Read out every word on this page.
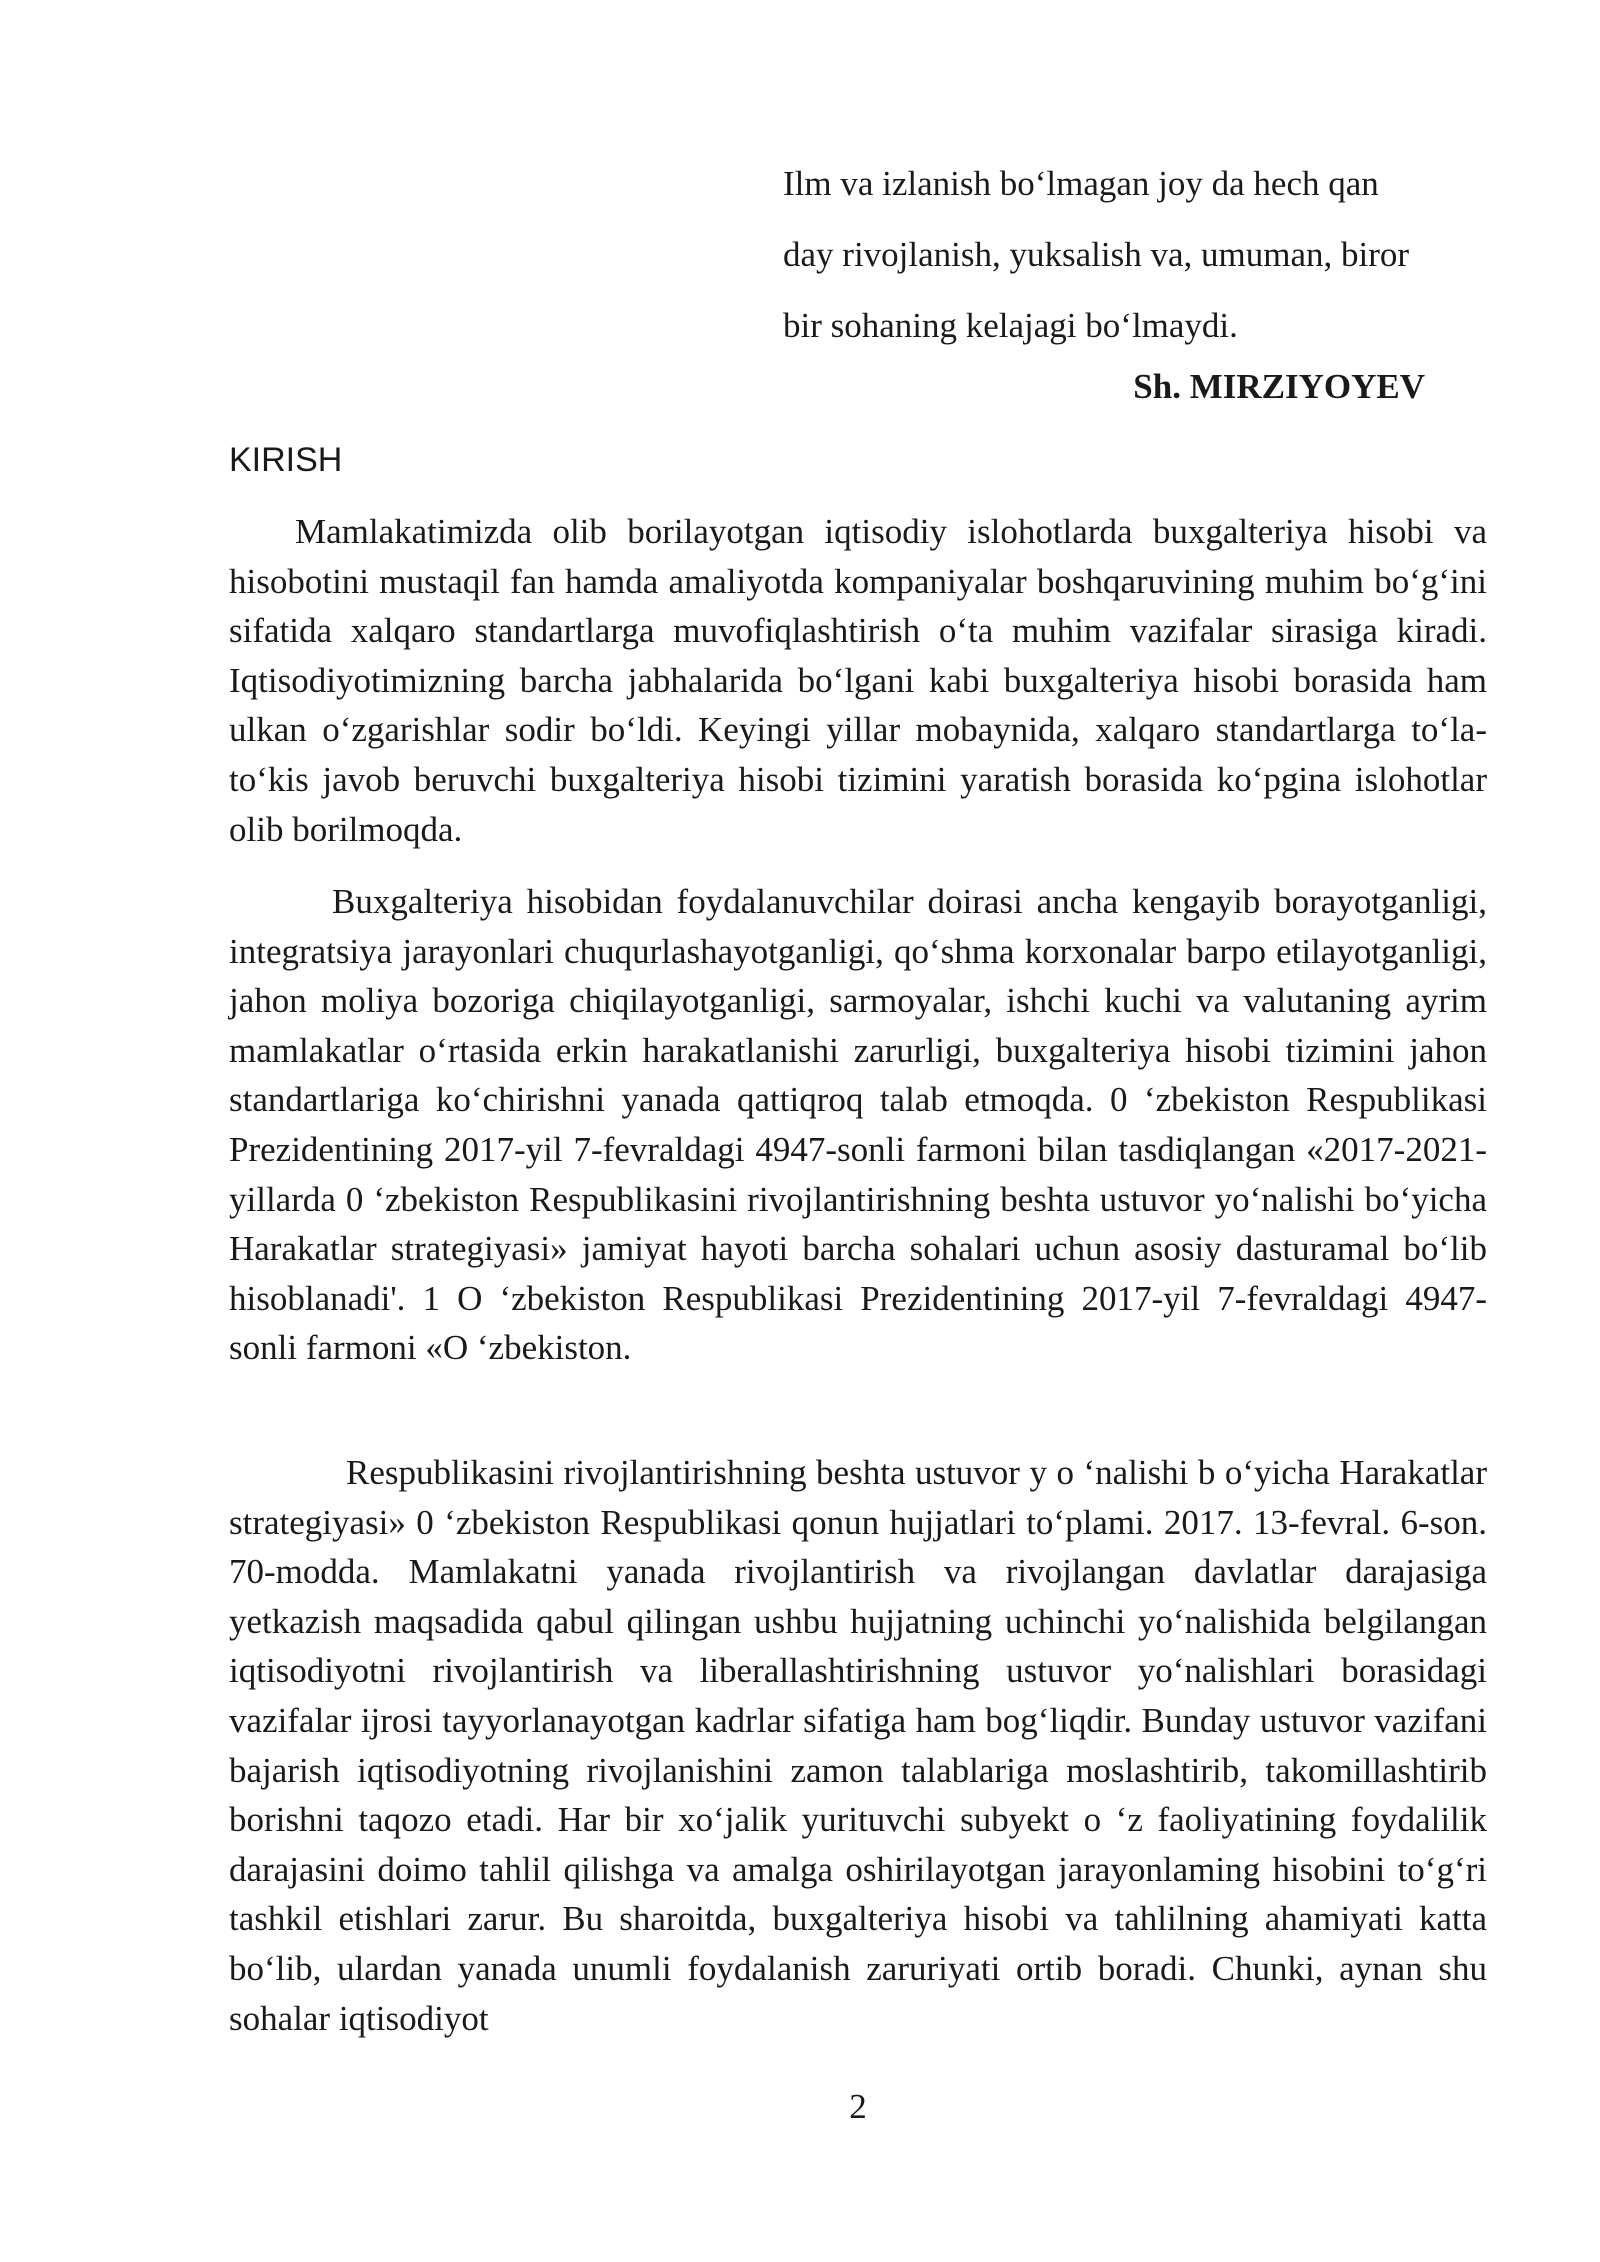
Ilm va izlanish bo‘lmagan joy da hech qan
day rivojlanish, yuksalish va, umuman, biror
bir sohaning kelajagi bo‘lmaydi.
Sh. MIRZIYOYEV
KIRISH

Mamlakatimizda olib borilayotgan iqtisodiy islohotlarda buxgalteriya hisobi va hisobotini mustaqil fan hamda amaliyotda kompaniyalar boshqaruvining muhim bo‘g‘ini sifatida xalqaro standartlarga muvofiqlashtirish o‘ta muhim vazifalar sirasiga kiradi. Iqtisodiyotimizning barcha jabhalarida bo‘lgani kabi buxgalteriya hisobi borasida ham ulkan o‘zgarishlar sodir bo‘ldi. Keyingi yillar mobaynida, xalqaro standartlarga to‘la-to‘kis javob beruvchi buxgalteriya hisobi tizimini yaratish borasida ko‘pgina islohotlar olib borilmoqda.

Buxgalteriya hisobidan foydalanuvchilar doirasi ancha kengayib borayotganligi, integratsiya jarayonlari chuqurlashayotganligi, qo‘shma korxonalar barpo etilayotganligi, jahon moliya bozoriga chiqilayotganligi, sarmoyalar, ishchi kuchi va valutaning ayrim mamlakatlar o‘rtasida erkin harakatlanishi zarurligi, buxgalteriya hisobi tizimini jahon standartlariga ko‘chirishni yanada qattiqroq talab etmoqda. 0 ‘zbekiston Respublikasi Prezidentining 2017-yil 7-fevraldagi 4947-sonli farmoni bilan tasdiqlangan «2017-2021-yillarda 0 ‘zbekiston Respublikasini rivojlantirishning beshta ustuvor yo‘nalishi bo‘yicha Harakatlar strategiyasi» jamiyat hayoti barcha sohalari uchun asosiy dasturamal bo‘lib hisoblanadi'. 1 O ‘zbekiston Respublikasi Prezidentining 2017-yil 7-fevraldagi 4947- sonli farmoni «O ‘zbekiston.

Respublikasini rivojlantirishning beshta ustuvor y o ‘nalishi b o‘yicha Harakatlar strategiyasi» 0 ‘zbekiston Respublikasi qonun hujjatlari to‘plami. 2017. 13-fevral. 6-son. 70-modda. Mamlakatni yanada rivojlantirish va rivojlangan davlatlar darajasiga yetkazish maqsadida qabul qilingan ushbu hujjatning uchinchi yo‘nalishida belgilangan iqtisodiyotni rivojlantirish va liberallashtirishning ustuvor yo‘nalishlari borasidagi vazifalar ijrosi tayyorlanayotgan kadrlar sifatiga ham bog‘liqdir. Bunday ustuvor vazifani bajarish iqtisodiyotning rivojlanishini zamon talablariga moslashtirib, takomillashtirib borishni taqozo etadi. Har bir xo‘jalik yurituvchi subyekt o ‘z faoliyatining foydalilik darajasini doimo tahlil qilishga va amalga oshirilayotgan jarayonlaming hisobini to‘g‘ri tashkil etishlari zarur. Bu sharoitda, buxgalteriya hisobi va tahlilning ahamiyati katta bo‘lib, ulardan yanada unumli foydalanish zaruriyati ortib boradi. Chunki, aynan shu sohalar iqtisodiyot

2
